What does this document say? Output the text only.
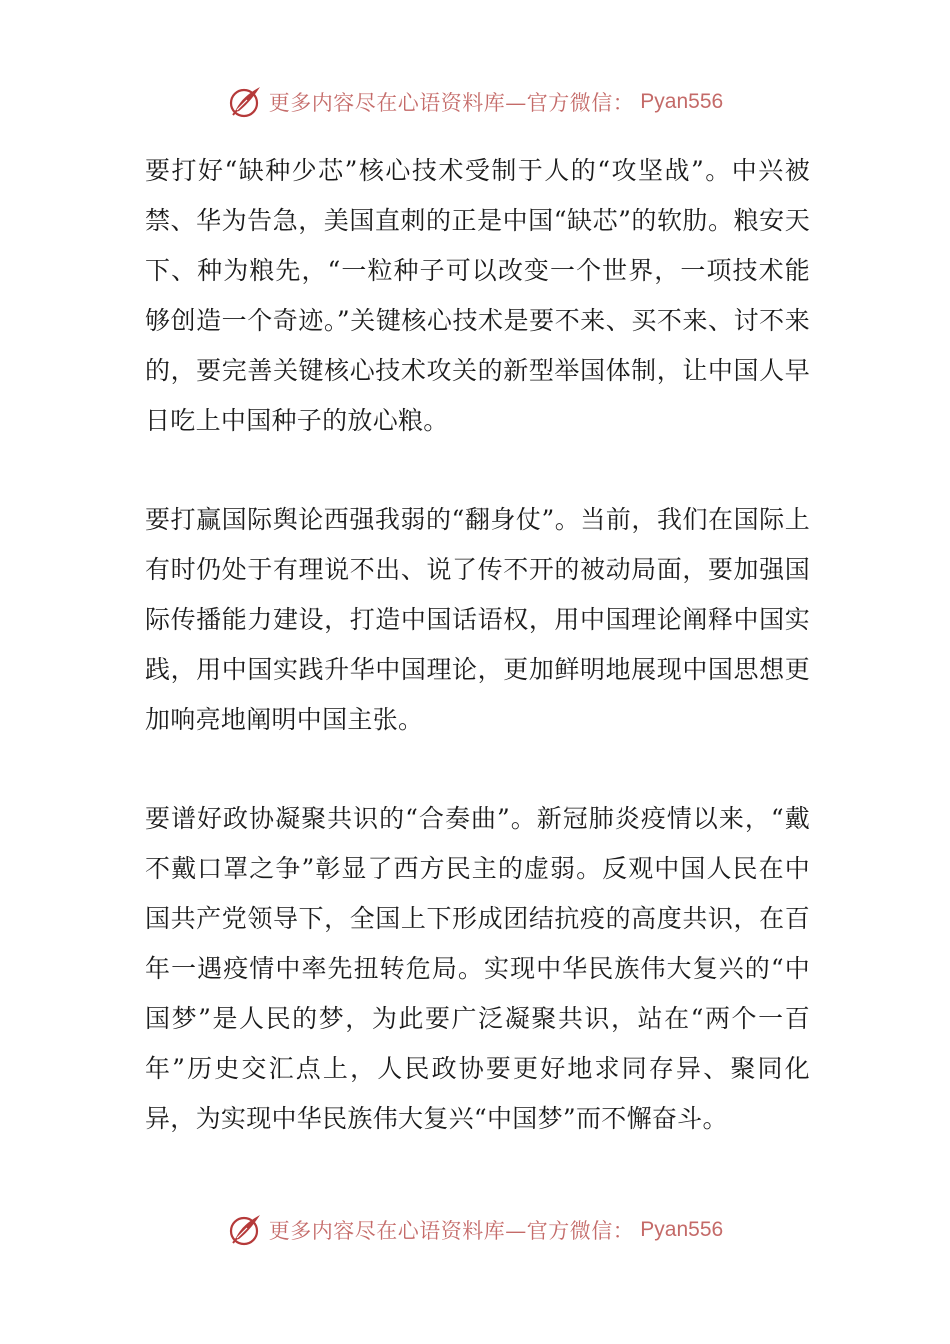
更多内容尽在心语资料库—官方微信： Pyan556

要打好“缺种少芯”核心技术受制于人的“攻坚战”。中兴被禁、华为告急，美国直刺的正是中国“缺芯”的软肋。粮安天下、种为粮先，“一粒种子可以改变一个世界，一项技术能够创造一个奇迹。”关键核心技术是要不来、买不来、讨不来的，要完善关键核心技术攻关的新型举国体制，让中国人早日吃上中国种子的放心粮。

要打赢国际舆论西强我弱的“翻身仗”。当前，我们在国际上有时仍处于有理说不出、说了传不开的被动局面，要加强国际传播能力建设，打造中国话语权，用中国理论阐释中国实践，用中国实践升华中国理论，更加鲜明地展现中国思想更加响亮地阐明中国主张。

要谱好政协凝聚共识的“合奏曲”。新冠肺炎疫情以来，“戴不戴口罩之争”彰显了西方民主的虚弱。反观中国人民在中国共产党领导下，全国上下形成团结抗疫的高度共识，在百年一遇疫情中率先扭转危局。实现中华民族伟大复兴的“中国梦”是人民的梦，为此要广泛凝聚共识，站在“两个一百年”历史交汇点上，人民政协要更好地求同存异、聚同化异，为实现中华民族伟大复兴“中国梦”而不懈奋斗。

更多内容尽在心语资料库—官方微信： Pyan556
